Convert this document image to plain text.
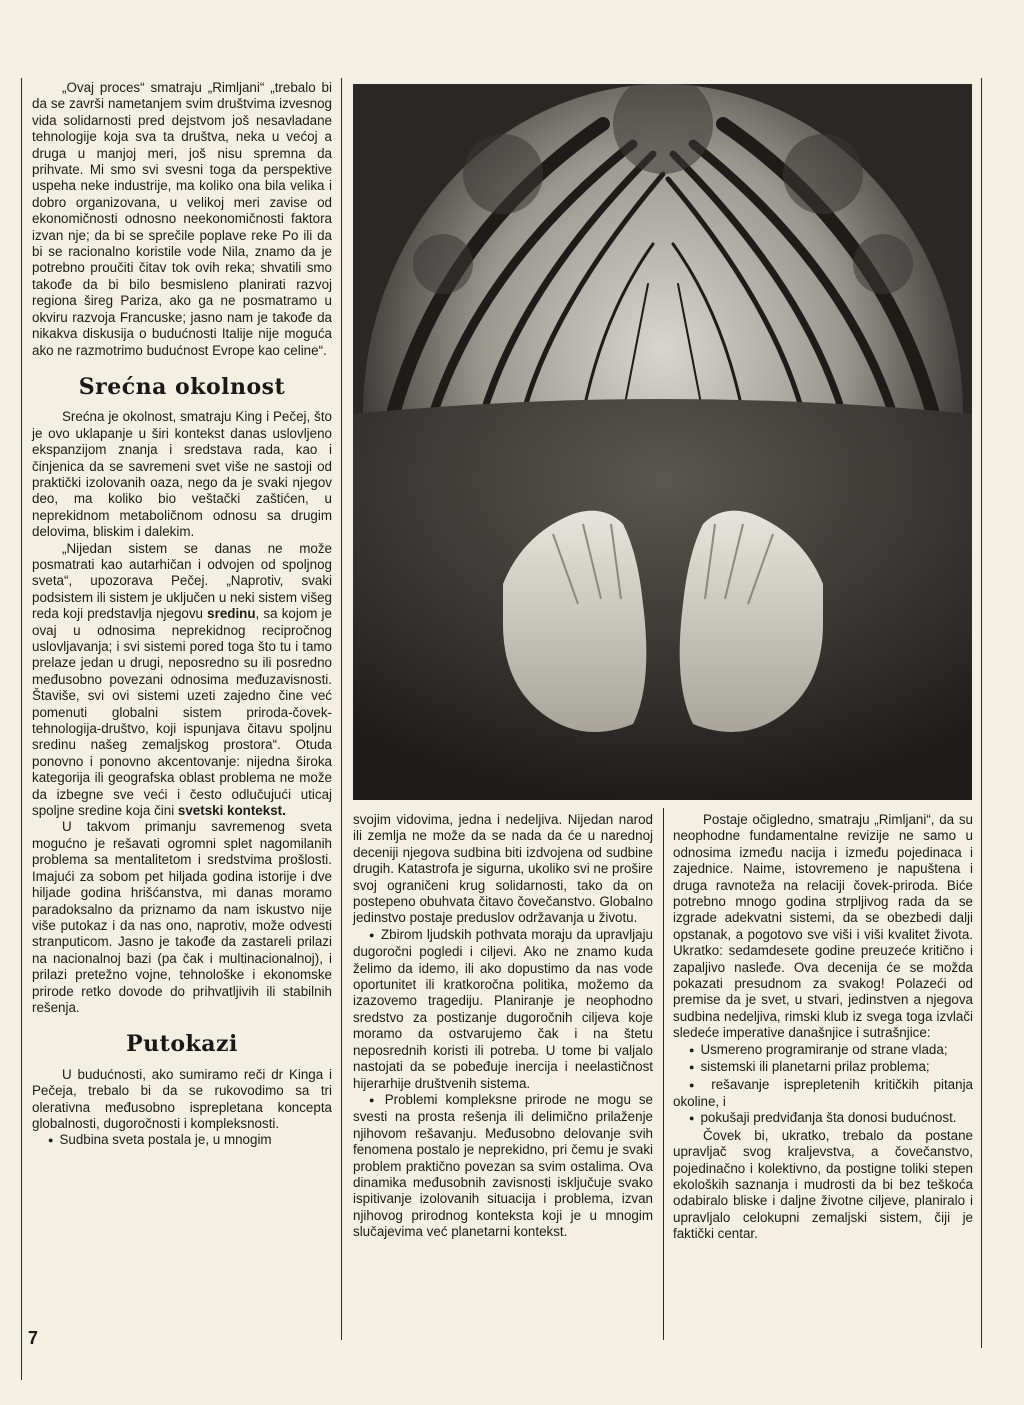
„Ovaj proces“ smatraju „Rimljani“ „trebalo bi da se završi nametanjem svim društvima izvesnog vida solidarnosti pred dejstvom još nesavladane tehnologije koja sva ta društva, neka u većoj a druga u manjoj meri, još nisu spremna da prihvate. Mi smo svi svesni toga da perspektive uspeha neke industrije, ma koliko ona bila velika i dobro organizovana, u velikoj meri zavise od ekonomičnosti odnosno neekonomičnosti faktora izvan nje; da bi se sprečile poplave reke Po ili da bi se racionalno koristile vode Nila, znamo da je potrebno proučiti čitav tok ovih reka; shvatili smo takođe da bi bilo besmisleno planirati razvoj regiona šireg Pariza, ako ga ne posmatramo u okviru razvoja Francuske; jasno nam je takođe da nikakva diskusija o budućnosti Italije nije moguća ako ne razmotrimo budućnost Evrope kao celine“.

Srećna okolnost

Srećna je okolnost, smatraju King i Pečej, što je ovo uklapanje u širi kontekst danas uslovljeno ekspanzijom znanja i sredstava rada, kao i činjenica da se savremeni svet više ne sastoji od praktički izolovanih oaza, nego da je svaki njegov deo, ma koliko bio veštački zaštićen, u neprekidnom metaboličnom odnosu sa drugim delovima, bliskim i dalekim.

„Nijedan sistem se danas ne može posmatrati kao autarhičan i odvojen od spoljnog sveta“, upozorava Pečej. „Naprotiv, svaki podsistem ili sistem je uključen u neki sistem višeg reda koji predstavlja njegovu sredinu, sa kojom je ovaj u odnosima neprekidnog recipročnog uslovljavanja; i svi sistemi pored toga što tu i tamo prelaze jedan u drugi, neposredno su ili posredno međusobno povezani odnosima međuzavisnosti. Štaviše, svi ovi sistemi uzeti zajedno čine već pomenuti globalni sistem priroda-čovek-tehnologija-društvo, koji ispunjava čitavu spoljnu sredinu našeg zemaljskog prostora“. Otuda ponovno i ponovno akcentovanje: nijedna široka kategorija ili geografska oblast problema ne može da izbegne sve veći i često odlučujući uticaj spoljne sredine koja čini svetski kontekst.

U takvom primanju savremenog sveta mogućno je rešavati ogromni splet nagomilanih problema sa mentalitetom i sredstvima prošlosti. Imajući za sobom pet hiljada godina istorije i dve hiljade godina hrišćanstva, mi danas moramo paradoksalno da priznamo da nam iskustvo nije više putokaz i da nas ono, naprotiv, može odvesti stranputicom. Jasno je takođe da zastareli prilazi na nacionalnoj bazi (pa čak i multinacionalnoj), i prilazi pretežno vojne, tehnološke i ekonomske prirode retko dovode do prihvatljivih ili stabilnih rešenja.

Putokazi

U budućnosti, ako sumiramo reči dr Kinga i Pečeja, trebalo bi da se rukovodimo sa tri olerativna međusobno isprepletana koncepta globalnosti, dugoročnosti i kompleksnosti.

● Sudbina sveta postala je, u mnogim

svojim vidovima, jedna i nedeljiva. Nijedan narod ili zemlja ne može da se nada da će u narednoj deceniji njegova sudbina biti izdvojena od sudbine drugih. Katastrofa je sigurna, ukoliko svi ne prošire svoj ograničeni krug solidarnosti, tako da on postepeno obuhvata čitavo čovečanstvo. Globalno jedinstvo postaje preduslov održavanja u životu.

● Zbirom ljudskih pothvata moraju da upravljaju dugoročni pogledi i ciljevi. Ako ne znamo kuda želimo da idemo, ili ako dopustimo da nas vode oportunitet ili kratkoročna politika, možemo da izazovemo tragediju. Planiranje je neophodno sredstvo za postizanje dugoročnih ciljeva koje moramo da ostvarujemo čak i na štetu neposrednih koristi ili potreba. U tome bi valjalo nastojati da se pobeđuje inercija i neelastičnost hijerarhije društvenih sistema.

● Problemi kompleksne prirode ne mogu se svesti na prosta rešenja ili delimično prilaženje njihovom rešavanju. Međusobno delovanje svih fenomena postalo je neprekidno, pri čemu je svaki problem praktično povezan sa svim ostalima. Ova dinamika međusobnih zavisnosti isključuje svako ispitivanje izolovanih situacija i problema, izvan njihovog prirodnog konteksta koji je u mnogim slučajevima već planetarni kontekst.

Postaje očigledno, smatraju „Rimljani“, da su neophodne fundamentalne revizije ne samo u odnosima između nacija i između pojedinaca i zajednice. Naime, istovremeno je napuštena i druga ravnoteža na relaciji čovek-priroda. Biće potrebno mnogo godina strpljivog rada da se izgrade adekvatni sistemi, da se obezbedi dalji opstanak, a pogotovo sve viši i viši kvalitet života. Ukratko: sedamdesete godine preuzeće kritično i zapaljivo nasleđe. Ova decenija će se možda pokazati presudnom za svakog! Polazeći od premise da je svet, u stvari, jedinstven a njegova sudbina nedeljiva, rimski klub iz svega toga izvlači sledeće imperative današnjice i sutrašnjice:

● Usmereno programiranje od strane vlada;

● sistemski ili planetarni prilaz problema;

● rešavanje isprepletenih kritičkih pitanja okoline, i

● pokušaji predviđanja šta donosi budućnost.

Čovek bi, ukratko, trebalo da postane upravljač svog kraljevstva, a čovečanstvo, pojedinačno i kolektivno, da postigne toliki stepen ekoloških saznanja i mudrosti da bi bez teškoća odabiralo bliske i daljne životne ciljeve, planiralo i upravljalo celokupni zemaljski sistem, čiji je faktički centar.

7
